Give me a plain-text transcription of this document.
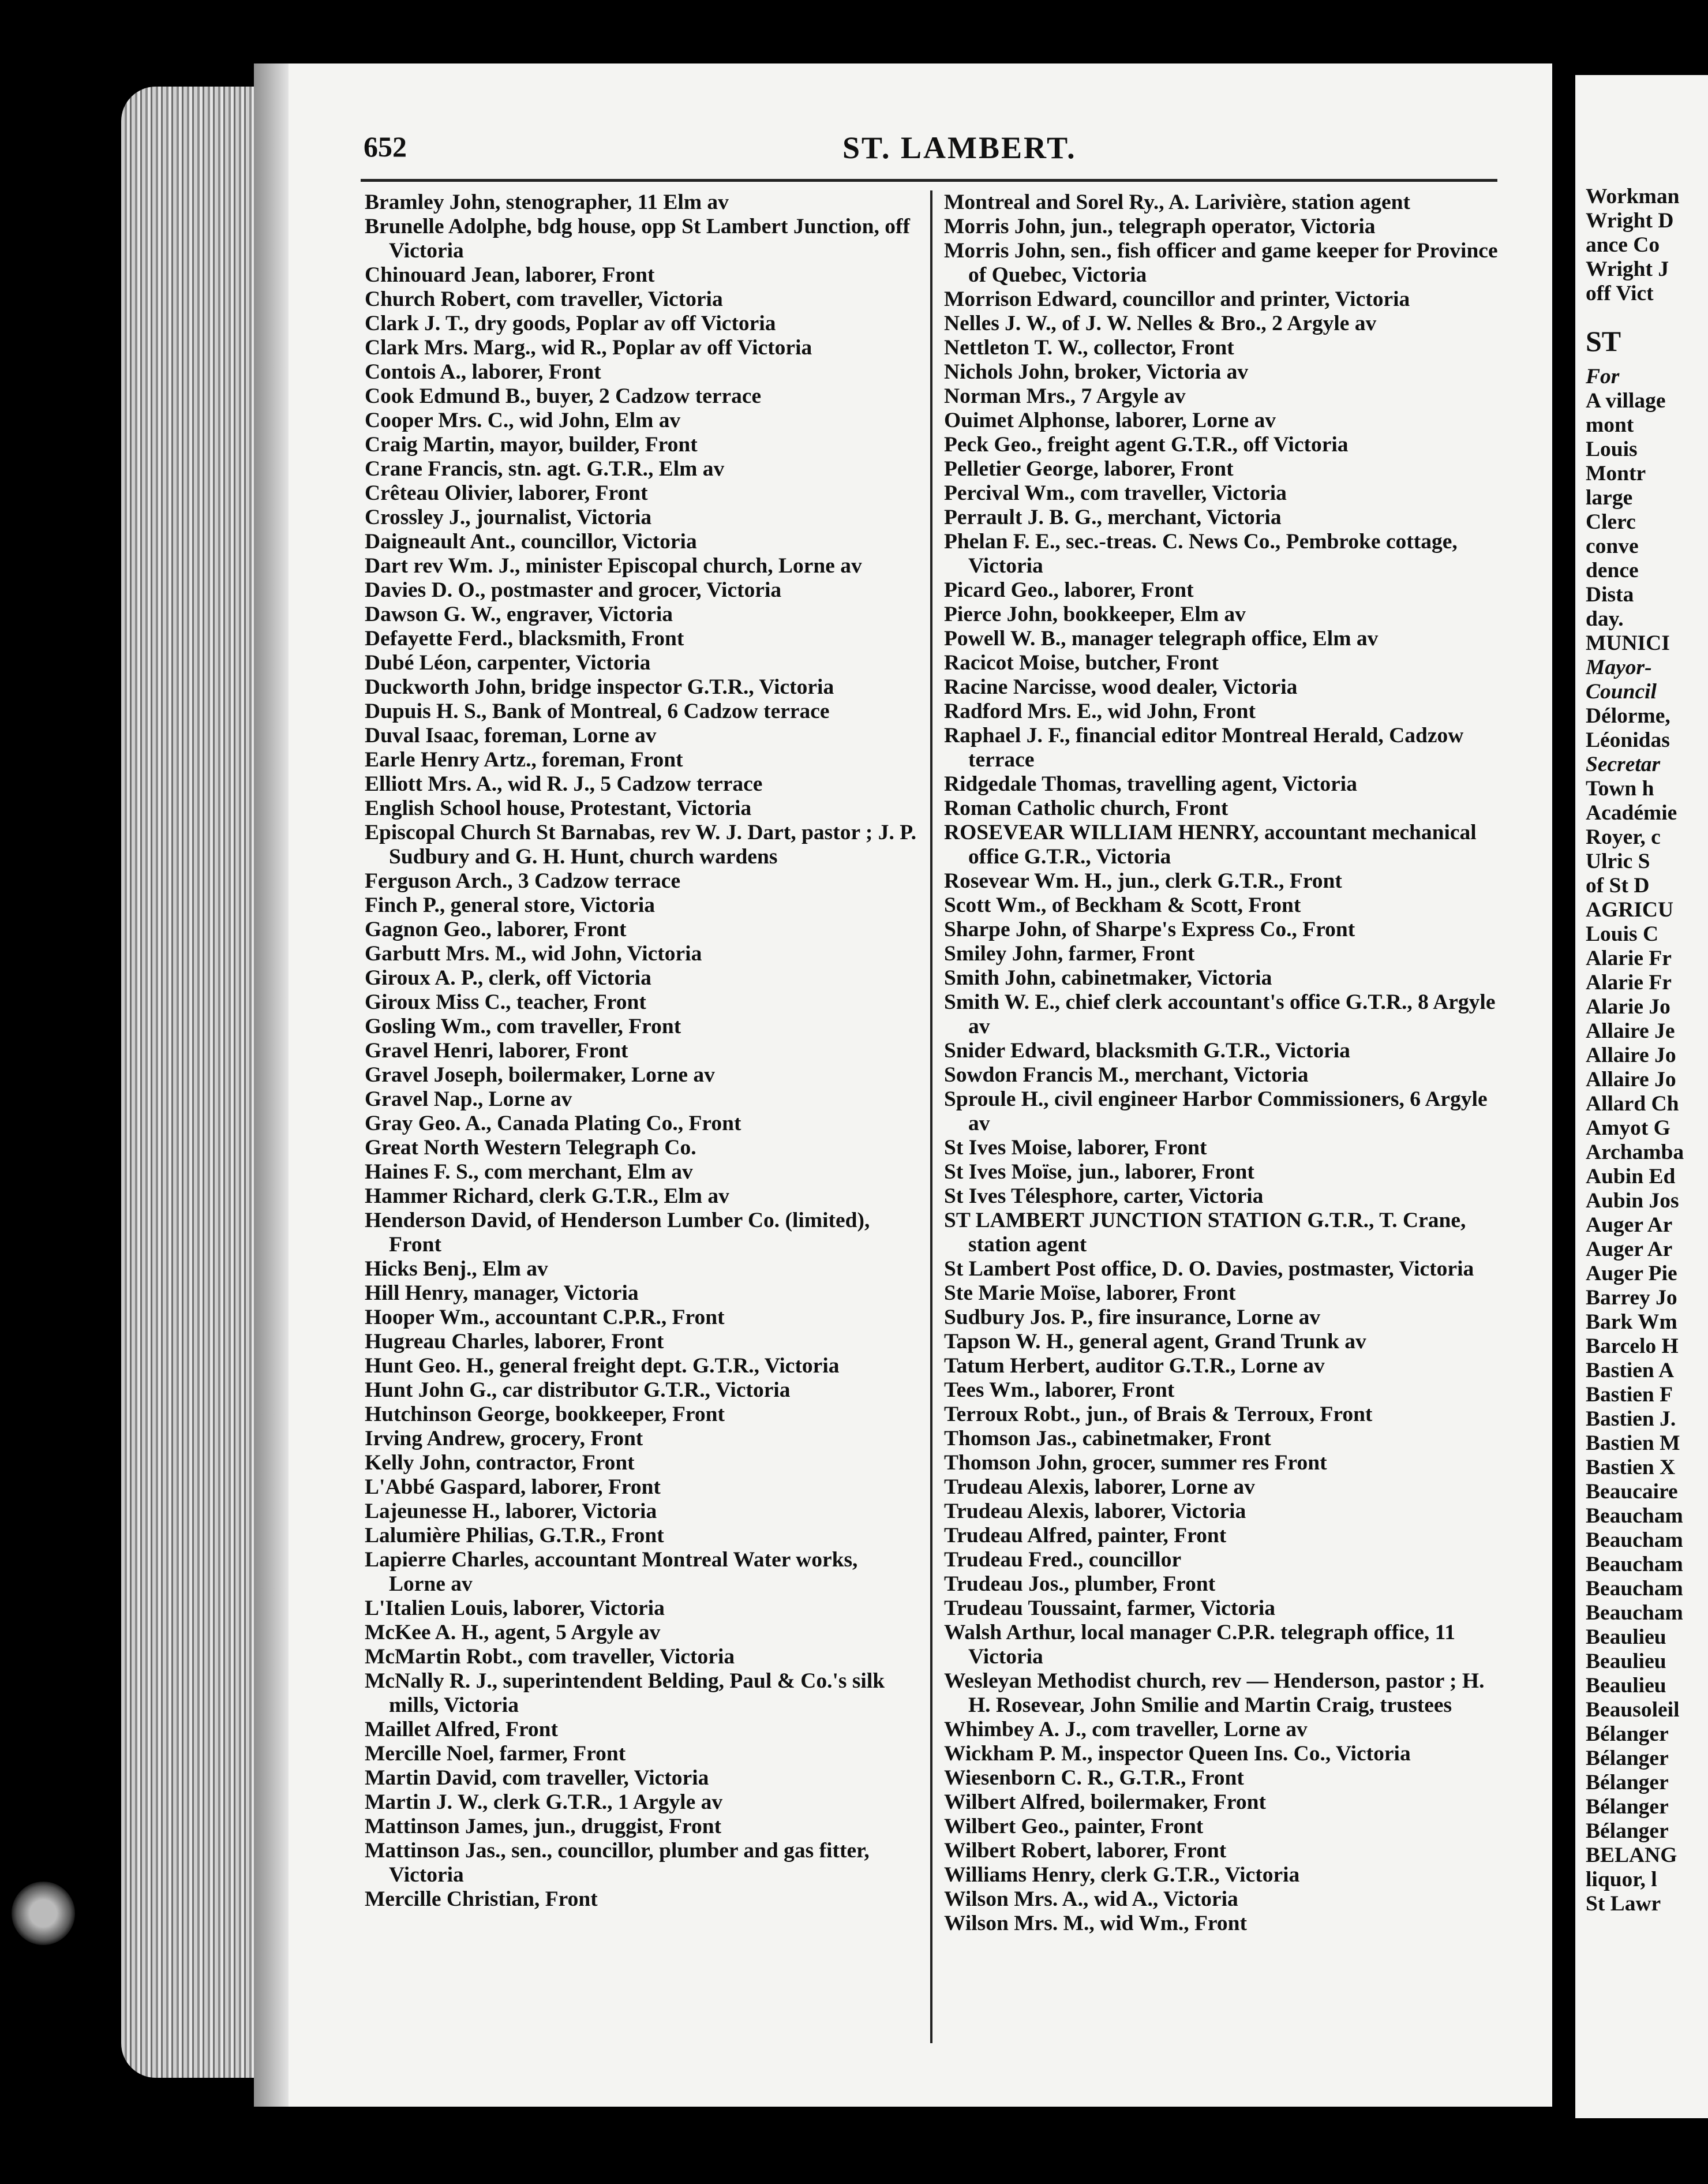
652	ST. LAMBERT.
Bramley John, stenographer, 11 Elm av
Brunelle Adolphe, bdg house, opp St Lambert Junction, off Victoria
Chinouard Jean, laborer, Front
Church Robert, com traveller, Victoria
Clark J. T., dry goods, Poplar av off Victoria
Clark Mrs. Marg., wid R., Poplar av off Victoria
Contois A., laborer, Front
Cook Edmund B., buyer, 2 Cadzow terrace
Cooper Mrs. C., wid John, Elm av
Craig Martin, mayor, builder, Front
Crane Francis, stn. agt. G.T.R., Elm av
Crêteau Olivier, laborer, Front
Crossley J., journalist, Victoria
Daigneault Ant., councillor, Victoria
Dart rev Wm. J., minister Episcopal church, Lorne av
Davies D. O., postmaster and grocer, Victoria
Dawson G. W., engraver, Victoria
Defayette Ferd., blacksmith, Front
Dubé Léon, carpenter, Victoria
Duckworth John, bridge inspector G.T.R., Victoria
Dupuis H. S., Bank of Montreal, 6 Cadzow terrace
Duval Isaac, foreman, Lorne av
Earle Henry Artz., foreman, Front
Elliott Mrs. A., wid R. J., 5 Cadzow terrace
English School house, Protestant, Victoria
Episcopal Church St Barnabas, rev W. J. Dart, pastor ; J. P. Sudbury and G. H. Hunt, church wardens
Ferguson Arch., 3 Cadzow terrace
Finch P., general store, Victoria
Gagnon Geo., laborer, Front
Garbutt Mrs. M., wid John, Victoria
Giroux A. P., clerk, off Victoria
Giroux Miss C., teacher, Front
Gosling Wm., com traveller, Front
Gravel Henri, laborer, Front
Gravel Joseph, boilermaker, Lorne av
Gravel Nap., Lorne av
Gray Geo. A., Canada Plating Co., Front
Great North Western Telegraph Co.
Haines F. S., com merchant, Elm av
Hammer Richard, clerk G.T.R., Elm av
Henderson David, of Henderson Lumber Co. (limited), Front
Hicks Benj., Elm av
Hill Henry, manager, Victoria
Hooper Wm., accountant C.P.R., Front
Hugreau Charles, laborer, Front
Hunt Geo. H., general freight dept. G.T.R., Victoria
Hunt John G., car distributor G.T.R., Victoria
Hutchinson George, bookkeeper, Front
Irving Andrew, grocery, Front
Kelly John, contractor, Front
L'Abbé Gaspard, laborer, Front
Lajeunesse H., laborer, Victoria
Lalumière Philias, G.T.R., Front
Lapierre Charles, accountant Montreal Water works, Lorne av
L'Italien Louis, laborer, Victoria
McKee A. H., agent, 5 Argyle av
McMartin Robt., com traveller, Victoria
McNally R. J., superintendent Belding, Paul & Co.'s silk mills, Victoria
Maillet Alfred, Front
Mercille Noel, farmer, Front
Martin David, com traveller, Victoria
Martin J. W., clerk G.T.R., 1 Argyle av
Mattinson James, jun., druggist, Front
Mattinson Jas., sen., councillor, plumber and gas fitter, Victoria
Mercille Christian, Front
Montreal and Sorel Ry., A. Larivière, station agent
Morris John, jun., telegraph operator, Victoria
Morris John, sen., fish officer and game keeper for Province of Quebec, Victoria
Morrison Edward, councillor and printer, Victoria
Nelles J. W., of J. W. Nelles & Bro., 2 Argyle av
Nettleton T. W., collector, Front
Nichols John, broker, Victoria av
Norman Mrs., 7 Argyle av
Ouimet Alphonse, laborer, Lorne av
Peck Geo., freight agent G.T.R., off Victoria
Pelletier George, laborer, Front
Percival Wm., com traveller, Victoria
Perrault J. B. G., merchant, Victoria
Phelan F. E., sec.-treas. C. News Co., Pembroke cottage, Victoria
Picard Geo., laborer, Front
Pierce John, bookkeeper, Elm av
Powell W. B., manager telegraph office, Elm av
Racicot Moise, butcher, Front
Racine Narcisse, wood dealer, Victoria
Radford Mrs. E., wid John, Front
Raphael J. F., financial editor Montreal Herald, Cadzow terrace
Ridgedale Thomas, travelling agent, Victoria
Roman Catholic church, Front
ROSEVEAR WILLIAM HENRY, accountant mechanical office G.T.R., Victoria
Rosevear Wm. H., jun., clerk G.T.R., Front
Scott Wm., of Beckham & Scott, Front
Sharpe John, of Sharpe's Express Co., Front
Smiley John, farmer, Front
Smith John, cabinetmaker, Victoria
Smith W. E., chief clerk accountant's office G.T.R., 8 Argyle av
Snider Edward, blacksmith G.T.R., Victoria
Sowdon Francis M., merchant, Victoria
Sproule H., civil engineer Harbor Commissioners, 6 Argyle av
St Ives Moise, laborer, Front
St Ives Moïse, jun., laborer, Front
St Ives Télesphore, carter, Victoria
ST LAMBERT JUNCTION STATION G.T.R., T. Crane, station agent
St Lambert Post office, D. O. Davies, postmaster, Victoria
Ste Marie Moïse, laborer, Front
Sudbury Jos. P., fire insurance, Lorne av
Tapson W. H., general agent, Grand Trunk av
Tatum Herbert, auditor G.T.R., Lorne av
Tees Wm., laborer, Front
Terroux Robt., jun., of Brais & Terroux, Front
Thomson Jas., cabinetmaker, Front
Thomson John, grocer, summer res Front
Trudeau Alexis, laborer, Lorne av
Trudeau Alexis, laborer, Victoria
Trudeau Alfred, painter, Front
Trudeau Fred., councillor
Trudeau Jos., plumber, Front
Trudeau Toussaint, farmer, Victoria
Walsh Arthur, local manager C.P.R. telegraph office, 11 Victoria
Wesleyan Methodist church, rev — Henderson, pastor ; H. H. Rosevear, John Smilie and Martin Craig, trustees
Whimbey A. J., com traveller, Lorne av
Wickham P. M., inspector Queen Ins. Co., Victoria
Wiesenborn C. R., G.T.R., Front
Wilbert Alfred, boilermaker, Front
Wilbert Geo., painter, Front
Wilbert Robert, laborer, Front
Williams Henry, clerk G.T.R., Victoria
Wilson Mrs. A., wid A., Victoria
Wilson Mrs. M., wid Wm., Front
Workman
Wright D
ance Co
Wright J
off Vict
ST
For
A village
mont
Louis
Montr
large
Clerc
conve
dence
Dista
day.
MUNICI
Mayor-
Council
Délorme,
Léonidas
Secretar
Town h
Académie
Royer, c
Ulric S
of St D
AGRICU
Louis C
Alarie Fr
Alarie Fr
Alarie Jo
Allaire Je
Allaire Jo
Allaire Jo
Allard Ch
Amyot G
Archamba
Aubin Ed
Aubin Jos
Auger Ar
Auger Ar
Auger Pie
Barrey Jo
Bark Wm
Barcelo H
Bastien A
Bastien F
Bastien J.
Bastien M
Bastien X
Beaucaire
Beaucham
Beaucham
Beaucham
Beaucham
Beaucham
Beaulieu
Beaulieu
Beaulieu
Beausoleil
Bélanger
Bélanger
Bélanger
Bélanger
Bélanger
BELANG
liquor, l
St Lawr
